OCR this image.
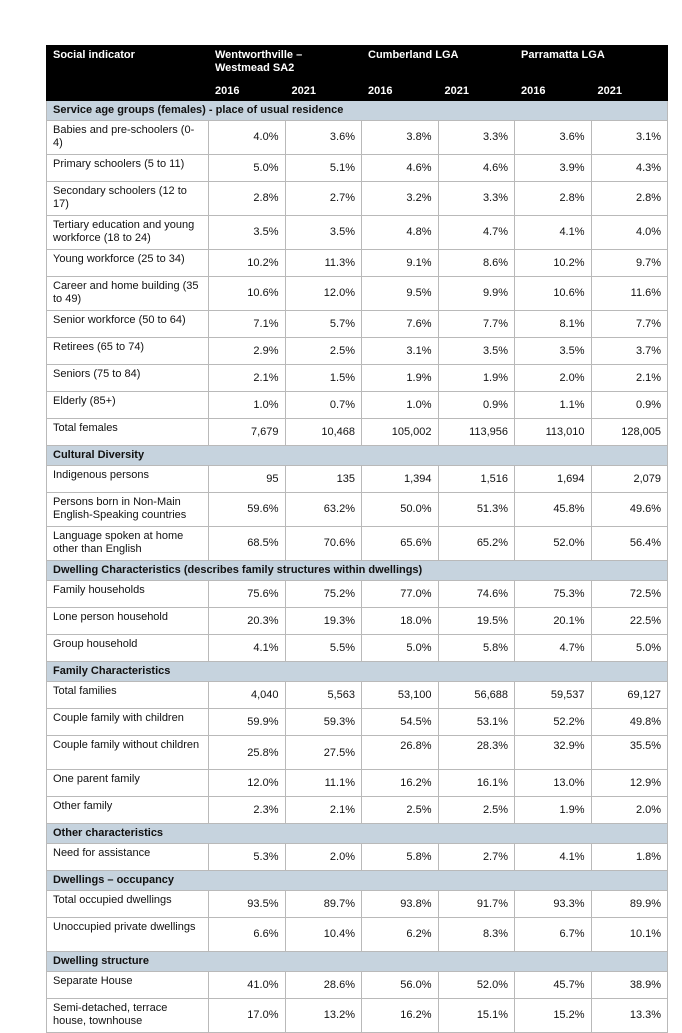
Social indicator	Wentworthville – Westmead SA2		Cumberland LGA		Parramatta LGA	
	2016	2021	2016	2021	2016	2021
Service age groups (females) - place of usual residence						
Babies and pre-schoolers (0-4)	4.0%	3.6%	3.8%	3.3%	3.6%	3.1%
Primary schoolers (5 to 11)	5.0%	5.1%	4.6%	4.6%	3.9%	4.3%
Secondary schoolers (12 to 17)	2.8%	2.7%	3.2%	3.3%	2.8%	2.8%
Tertiary education and young workforce (18 to 24)	3.5%	3.5%	4.8%	4.7%	4.1%	4.0%
Young workforce (25 to 34)	10.2%	11.3%	9.1%	8.6%	10.2%	9.7%
Career and home building (35 to 49)	10.6%	12.0%	9.5%	9.9%	10.6%	11.6%
Senior workforce (50 to 64)	7.1%	5.7%	7.6%	7.7%	8.1%	7.7%
Retirees (65 to 74)	2.9%	2.5%	3.1%	3.5%	3.5%	3.7%
Seniors (75 to 84)	2.1%	1.5%	1.9%	1.9%	2.0%	2.1%
Elderly (85+)	1.0%	0.7%	1.0%	0.9%	1.1%	0.9%
Total females	7,679	10,468	105,002	113,956	113,010	128,005
Cultural Diversity						
Indigenous persons	95	135	1,394	1,516	1,694	2,079
Persons born in Non-Main English-Speaking countries	59.6%	63.2%	50.0%	51.3%	45.8%	49.6%
Language spoken at home other than English	68.5%	70.6%	65.6%	65.2%	52.0%	56.4%
Dwelling Characteristics (describes family structures within dwellings)						
Family households	75.6%	75.2%	77.0%	74.6%	75.3%	72.5%
Lone person household	20.3%	19.3%	18.0%	19.5%	20.1%	22.5%
Group household	4.1%	5.5%	5.0%	5.8%	4.7%	5.0%
Family Characteristics						
Total families	4,040	5,563	53,100	56,688	59,537	69,127
Couple family with children	59.9%	59.3%	54.5%	53.1%	52.2%	49.8%
Couple family without children	25.8%	27.5%	26.8%	28.3%	32.9%	35.5%
One parent family	12.0%	11.1%	16.2%	16.1%	13.0%	12.9%
Other family	2.3%	2.1%	2.5%	2.5%	1.9%	2.0%
Other characteristics						
Need for assistance	5.3%	2.0%	5.8%	2.7%	4.1%	1.8%
Dwellings – occupancy						
Total occupied dwellings	93.5%	89.7%	93.8%	91.7%	93.3%	89.9%
Unoccupied private dwellings	6.6%	10.4%	6.2%	8.3%	6.7%	10.1%
Dwelling structure						
Separate House	41.0%	28.6%	56.0%	52.0%	45.7%	38.9%
Semi-detached, terrace house, townhouse	17.0%	13.2%	16.2%	15.1%	15.2%	13.3%
